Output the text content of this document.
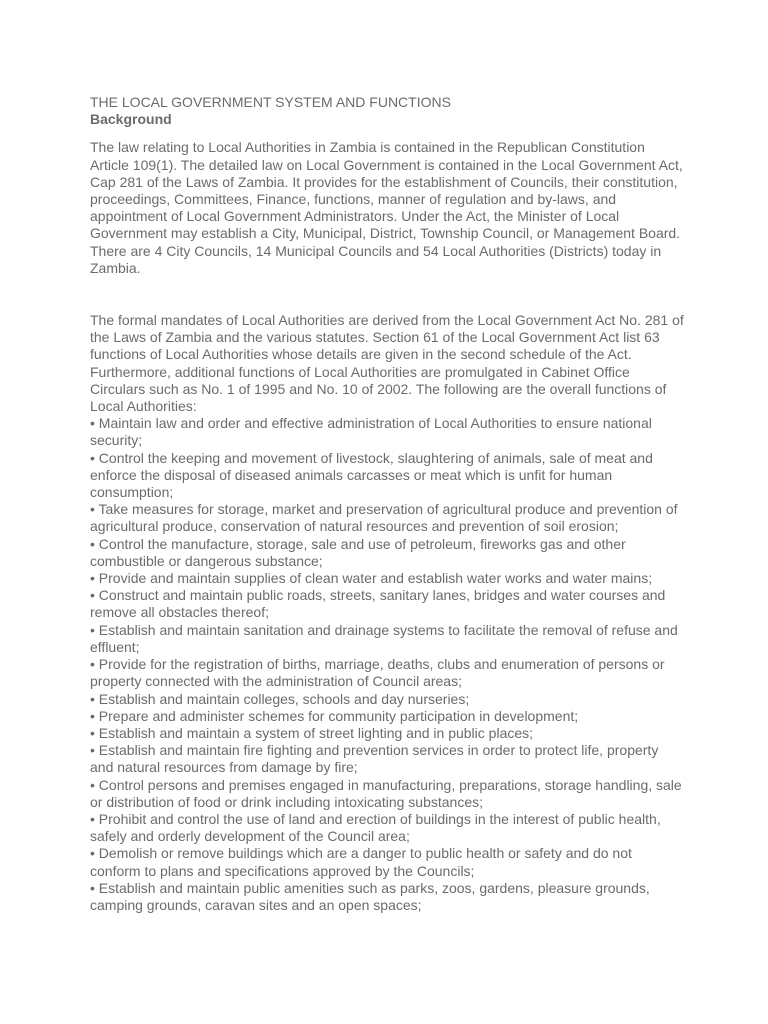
THE LOCAL GOVERNMENT SYSTEM AND FUNCTIONS
Background

The law relating to Local Authorities in Zambia is contained in the Republican Constitution Article 109(1). The detailed law on Local Government is contained in the Local Government Act, Cap 281 of the Laws of Zambia. It provides for the establishment of Councils, their constitution, proceedings, Committees, Finance, functions, manner of regulation and by-laws, and appointment of Local Government Administrators. Under the Act, the Minister of Local Government may establish a City, Municipal, District, Township Council, or Management Board. There are 4 City Councils, 14 Municipal Councils and 54 Local Authorities (Districts) today in Zambia.

The formal mandates of Local Authorities are derived from the Local Government Act No. 281 of the Laws of Zambia and the various statutes. Section 61 of the Local Government Act list 63 functions of Local Authorities whose details are given in the second schedule of the Act. Furthermore, additional functions of Local Authorities are promulgated in Cabinet Office Circulars such as No. 1 of 1995 and No. 10 of 2002. The following are the overall functions of Local Authorities:

• Maintain law and order and effective administration of Local Authorities to ensure national security;
• Control the keeping and movement of livestock, slaughtering of animals, sale of meat and enforce the disposal of diseased animals carcasses or meat which is unfit for human consumption;
• Take measures for storage, market and preservation of agricultural produce and prevention of agricultural produce, conservation of natural resources and prevention of soil erosion;
• Control the manufacture, storage, sale and use of petroleum, fireworks gas and other combustible or dangerous substance;
• Provide and maintain supplies of clean water and establish water works and water mains;
• Construct and maintain public roads, streets, sanitary lanes, bridges and water courses and remove all obstacles thereof;
• Establish and maintain sanitation and drainage systems to facilitate the removal of refuse and effluent;
• Provide for the registration of births, marriage, deaths, clubs and enumeration of persons or property connected with the administration of Council areas;
• Establish and maintain colleges, schools and day nurseries;
• Prepare and administer schemes for community participation in development;
• Establish and maintain a system of street lighting and in public places;
• Establish and maintain fire fighting and prevention services in order to protect life, property and natural resources from damage by fire;
• Control persons and premises engaged in manufacturing, preparations, storage handling, sale or distribution of food or drink including intoxicating substances;
• Prohibit and control the use of land and erection of buildings in the interest of public health, safely and orderly development of the Council area;
• Demolish or remove buildings which are a danger to public health or safety and do not conform to plans and specifications approved by the Councils;
• Establish and maintain public amenities such as parks, zoos, gardens, pleasure grounds, camping grounds, caravan sites and an open spaces;
